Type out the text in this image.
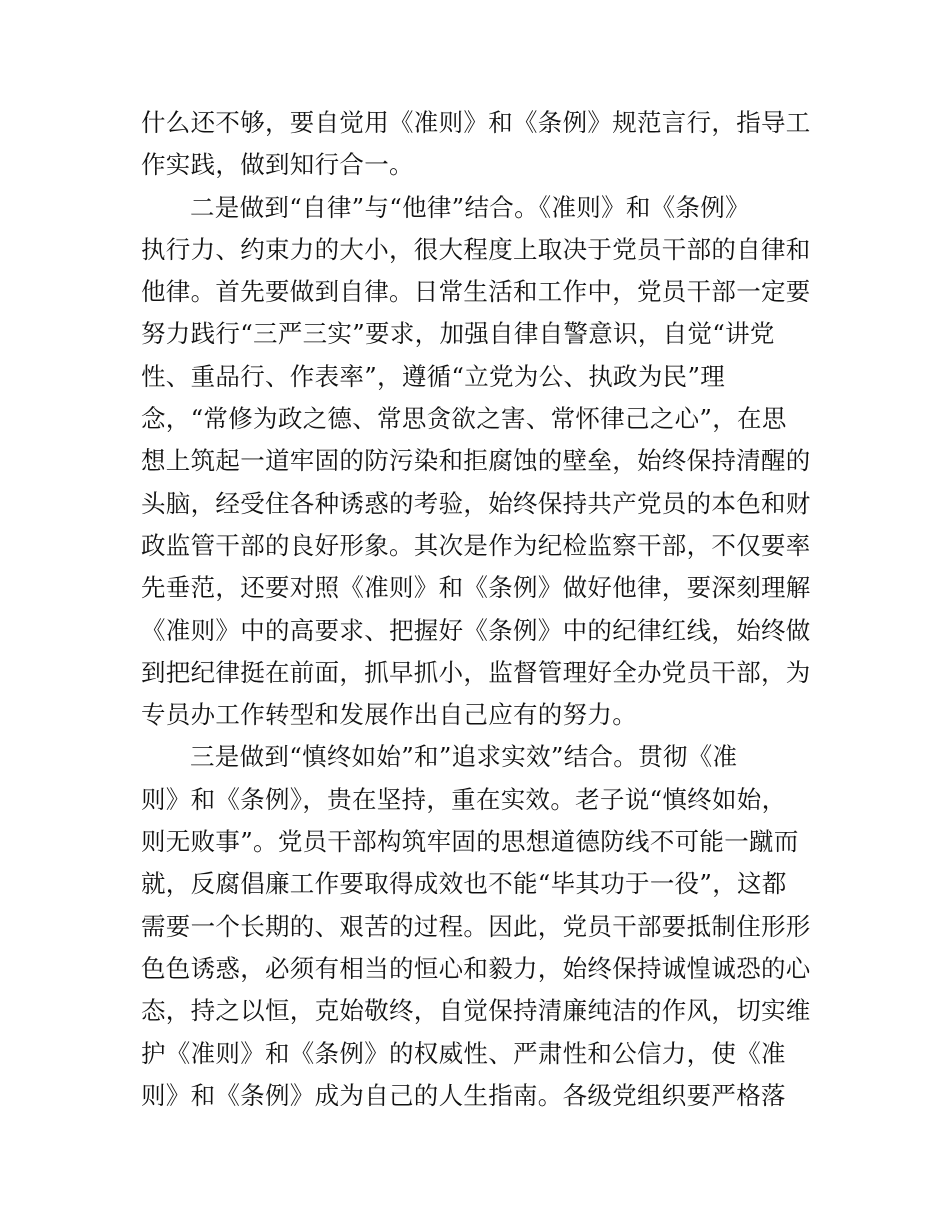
什么还不够，要自觉用《准则》和《条例》规范言行，指导工
作实践，做到知行合一。
二是做到“自律”与“他律”结合。《准则》和《条例》
执行力、约束力的大小，很大程度上取决于党员干部的自律和
他律。首先要做到自律。日常生活和工作中，党员干部一定要
努力践行“三严三实”要求，加强自律自警意识，自觉“讲党
性、重品行、作表率”，遵循“立党为公、执政为民”理
念，“常修为政之德、常思贪欲之害、常怀律己之心”，在思
想上筑起一道牢固的防污染和拒腐蚀的壁垒，始终保持清醒的
头脑，经受住各种诱惑的考验，始终保持共产党员的本色和财
政监管干部的良好形象。其次是作为纪检监察干部，不仅要率
先垂范，还要对照《准则》和《条例》做好他律，要深刻理解
《准则》中的高要求、把握好《条例》中的纪律红线，始终做
到把纪律挺在前面，抓早抓小，监督管理好全办党员干部，为
专员办工作转型和发展作出自己应有的努力。
三是做到“慎终如始”和”追求实效”结合。贯彻《准
则》和《条例》，贵在坚持，重在实效。老子说“慎终如始，
则无败事”。党员干部构筑牢固的思想道德防线不可能一蹴而
就，反腐倡廉工作要取得成效也不能“毕其功于一役”，这都
需要一个长期的、艰苦的过程。因此，党员干部要抵制住形形
色色诱惑，必须有相当的恒心和毅力，始终保持诚惶诚恐的心
态，持之以恒，克始敬终，自觉保持清廉纯洁的作风，切实维
护《准则》和《条例》的权威性、严肃性和公信力，使《准
则》和《条例》成为自己的人生指南。各级党组织要严格落
